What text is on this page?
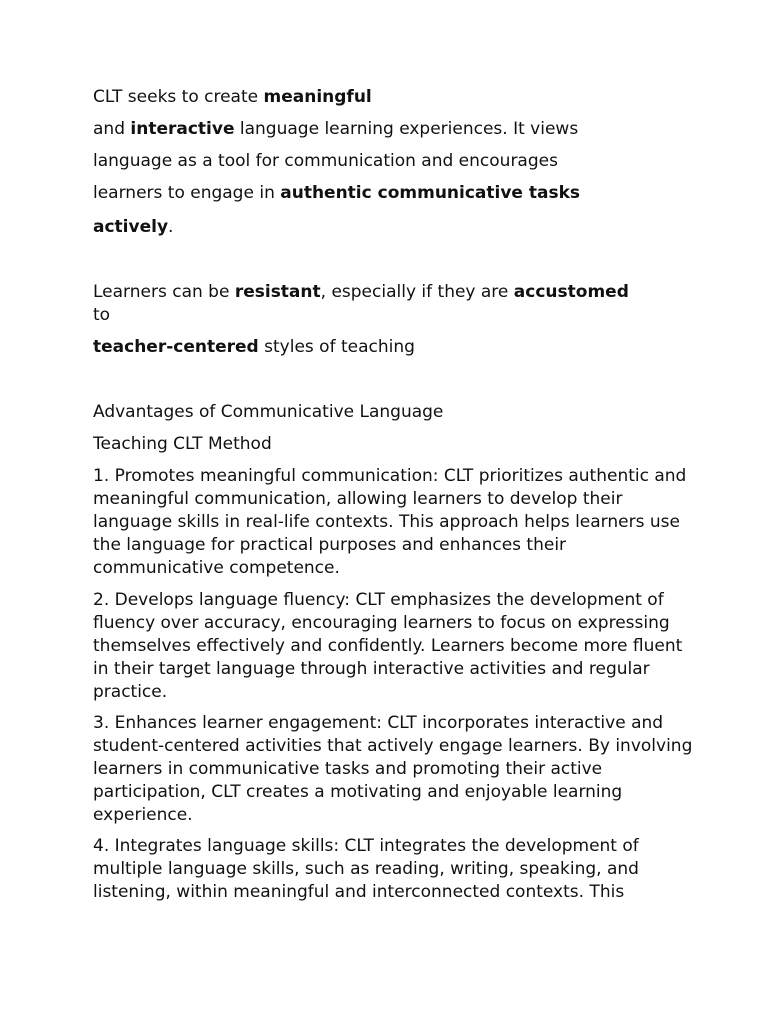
CLT seeks to create meaningful
and interactive language learning experiences. It views
language as a tool for communication and encourages
learners to engage in authentic communicative tasks
actively.
Learners can be resistant, especially if they are accustomed
to
teacher-centered styles of teaching
Advantages of Communicative Language
Teaching CLT Method
1. Promotes meaningful communication: CLT prioritizes authentic and meaningful communication, allowing learners to develop their language skills in real-life contexts. This approach helps learners use the language for practical purposes and enhances their communicative competence.
2. Develops language fluency: CLT emphasizes the development of fluency over accuracy, encouraging learners to focus on expressing themselves effectively and confidently. Learners become more fluent in their target language through interactive activities and regular practice.
3. Enhances learner engagement: CLT incorporates interactive and student-centered activities that actively engage learners. By involving learners in communicative tasks and promoting their active participation, CLT creates a motivating and enjoyable learning experience.
4. Integrates language skills: CLT integrates the development of multiple language skills, such as reading, writing, speaking, and listening, within meaningful and interconnected contexts. This
